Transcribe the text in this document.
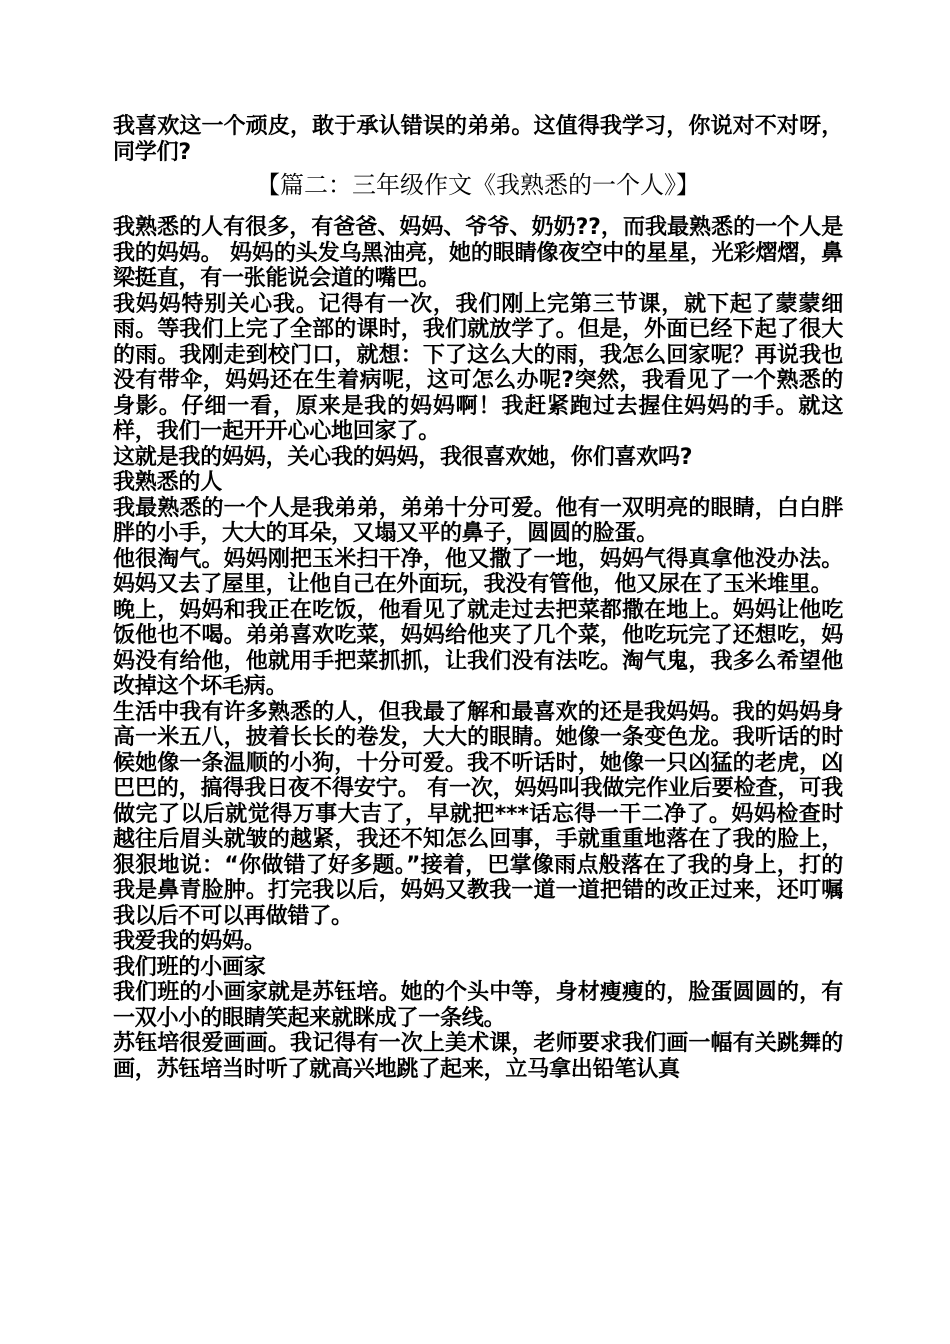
我喜欢这一个顽皮，敢于承认错误的弟弟。这值得我学习，你说对不对呀，同学们?

【篇二：三年级作文《我熟悉的一个人》】

我熟悉的人有很多，有爸爸、妈妈、爷爷、奶奶??，而我最熟悉的一个人是我的妈妈。 妈妈的头发乌黑油亮，她的眼睛像夜空中的星星，光彩熠熠，鼻梁挺直，有一张能说会道的嘴巴。

我妈妈特别关心我。记得有一次，我们刚上完第三节课，就下起了蒙蒙细雨。等我们上完了全部的课时，我们就放学了。但是，外面已经下起了很大的雨。我刚走到校门口，就想：下了这么大的雨，我怎么回家呢？再说我也没有带伞，妈妈还在生着病呢，这可怎么办呢?突然，我看见了一个熟悉的身影。仔细一看，原来是我的妈妈啊！我赶紧跑过去握住妈妈的手。就这样，我们一起开开心心地回家了。

这就是我的妈妈，关心我的妈妈，我很喜欢她，你们喜欢吗?

我熟悉的人

我最熟悉的一个人是我弟弟，弟弟十分可爱。他有一双明亮的眼睛，白白胖胖的小手，大大的耳朵，又塌又平的鼻子，圆圆的脸蛋。

他很淘气。妈妈刚把玉米扫干净，他又撒了一地，妈妈气得真拿他没办法。妈妈又去了屋里，让他自己在外面玩，我没有管他，他又尿在了玉米堆里。

晚上，妈妈和我正在吃饭，他看见了就走过去把菜都撒在地上。妈妈让他吃饭他也不喝。弟弟喜欢吃菜，妈妈给他夹了几个菜，他吃玩完了还想吃，妈妈没有给他，他就用手把菜抓抓，让我们没有法吃。淘气鬼，我多么希望他改掉这个坏毛病。

生活中我有许多熟悉的人，但我最了解和最喜欢的还是我妈妈。我的妈妈身高一米五八，披着长长的卷发，大大的眼睛。她像一条变色龙。我听话的时候她像一条温顺的小狗，十分可爱。我不听话时，她像一只凶猛的老虎，凶巴巴的，搞得我日夜不得安宁。 有一次，妈妈叫我做完作业后要检查，可我做完了以后就觉得万事大吉了，早就把***话忘得一干二净了。妈妈检查时越往后眉头就皱的越紧，我还不知怎么回事，手就重重地落在了我的脸上，狠狠地说：“你做错了好多题。”接着，巴掌像雨点般落在了我的身上，打的我是鼻青脸肿。打完我以后，妈妈又教我一道一道把错的改正过来，还叮嘱我以后不可以再做错了。

我爱我的妈妈。

我们班的小画家

我们班的小画家就是苏钰培。她的个头中等，身材瘦瘦的，脸蛋圆圆的，有一双小小的眼睛笑起来就眯成了一条线。

苏钰培很爱画画。我记得有一次上美术课，老师要求我们画一幅有关跳舞的画，苏钰培当时听了就高兴地跳了起来，立马拿出铅笔认真
